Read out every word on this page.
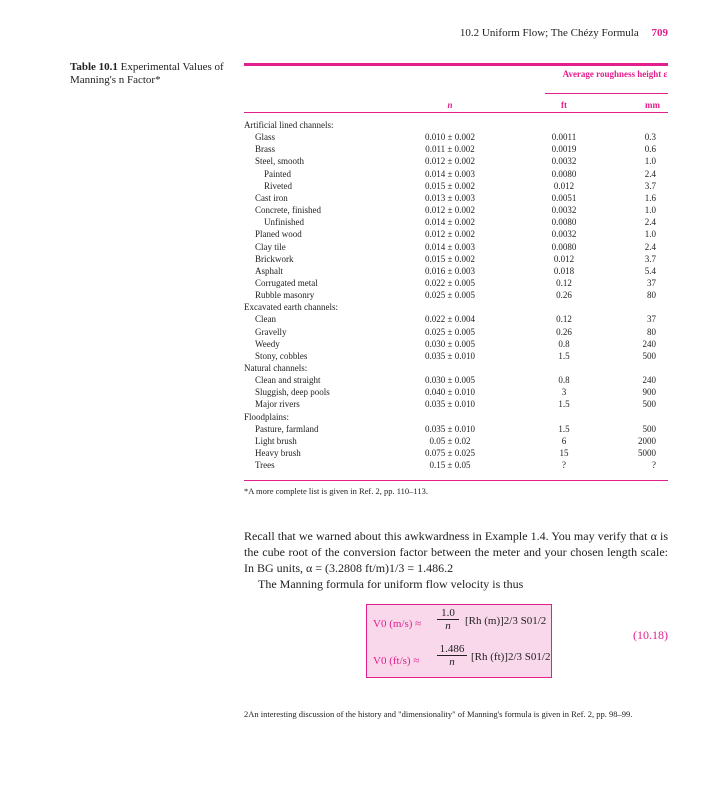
10.2 Uniform Flow; The Chézy Formula 709
Table 10.1 Experimental Values of Manning's n Factor*	Average roughness height ε
n	ft	mm
Artificial lined channels:
Glass	0.010 ± 0.002	0.0011	0.3
Brass	0.011 ± 0.002	0.0019	0.6
Steel, smooth	0.012 ± 0.002	0.0032	1.0
Painted	0.014 ± 0.003	0.0080	2.4
Riveted	0.015 ± 0.002	0.012	3.7
Cast iron	0.013 ± 0.003	0.0051	1.6
Concrete, finished	0.012 ± 0.002	0.0032	1.0
Unfinished	0.014 ± 0.002	0.0080	2.4
Planed wood	0.012 ± 0.002	0.0032	1.0
Clay tile	0.014 ± 0.003	0.0080	2.4
Brickwork	0.015 ± 0.002	0.012	3.7
Asphalt	0.016 ± 0.003	0.018	5.4
Corrugated metal	0.022 ± 0.005	0.12	37
Rubble masonry	0.025 ± 0.005	0.26	80
Excavated earth channels:
Clean	0.022 ± 0.004	0.12	37
Gravelly	0.025 ± 0.005	0.26	80
Weedy	0.030 ± 0.005	0.8	240
Stony, cobbles	0.035 ± 0.010	1.5	500
Natural channels:
Clean and straight	0.030 ± 0.005	0.8	240
Sluggish, deep pools	0.040 ± 0.010	3	900
Major rivers	0.035 ± 0.010	1.5	500
Floodplains:
Pasture, farmland	0.035 ± 0.010	1.5	500
Light brush	0.05 ± 0.02	6	2000
Heavy brush	0.075 ± 0.025	15	5000
Trees	0.15 ± 0.05	?	?
*A more complete list is given in Ref. 2, pp. 110–113.
Recall that we warned about this awkwardness in Example 1.4. You may verify that α is the cube root of the conversion factor between the meter and your chosen length scale: In BG units, α = (3.2808 ft/m)1/3 = 1.486.2
The Manning formula for uniform flow velocity is thus
V0 $(m/s) \approx \frac{1.0}{n} [Rh$ (m)]2/3 S01/2
V0 $(ft/s) \approx \frac{1.486}{n} [Rh$ (ft)]2/3 S01/2
(10.18)
2An interesting discussion of the history and "dimensionality" of Manning's formula is given in Ref. 2, pp. 98–99.
